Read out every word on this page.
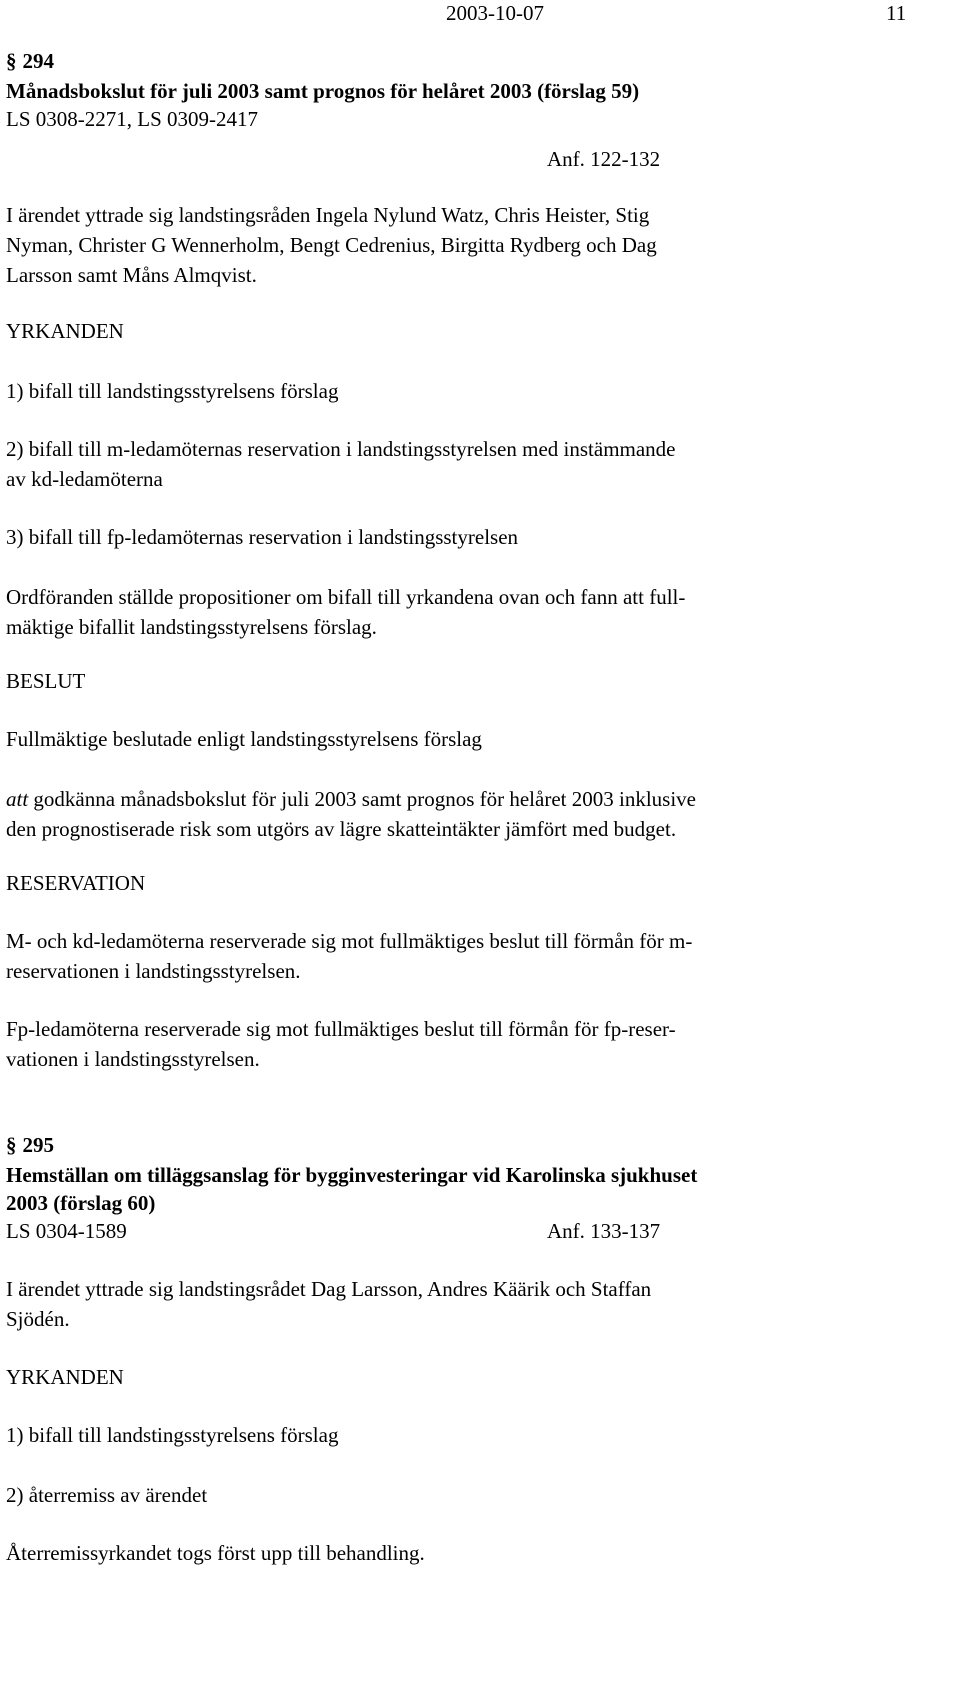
2003-10-07	11
§ 294
Månadsbokslut för juli 2003 samt prognos för helåret 2003 (förslag 59)
LS 0308-2271, LS 0309-2417
Anf. 122-132
I ärendet yttrade sig landstingsråden Ingela Nylund Watz, Chris Heister, Stig
Nyman, Christer G Wennerholm, Bengt Cedrenius, Birgitta Rydberg och Dag
Larsson samt Måns Almqvist.
YRKANDEN
1) bifall till landstingsstyrelsens förslag
2) bifall till m-ledamöternas reservation i landstingsstyrelsen med instämmande
av kd-ledamöterna
3) bifall till fp-ledamöternas reservation i landstingsstyrelsen
Ordföranden ställde propositioner om bifall till yrkandena ovan och fann att full-
mäktige bifallit landstingsstyrelsens förslag.
BESLUT
Fullmäktige beslutade enligt landstingsstyrelsens förslag
att godkänna månadsbokslut för juli 2003 samt prognos för helåret 2003 inklusive
den prognostiserade risk som utgörs av lägre skatteintäkter jämfört med budget.
RESERVATION
M- och kd-ledamöterna reserverade sig mot fullmäktiges beslut till förmån för m-
reservationen i landstingsstyrelsen.
Fp-ledamöterna reserverade sig mot fullmäktiges beslut till förmån för fp-reser-
vationen i landstingsstyrelsen.
§ 295
Hemställan om tilläggsanslag för bygginvesteringar vid Karolinska sjukhuset
2003 (förslag 60)
LS 0304-1589	Anf. 133-137
I ärendet yttrade sig landstingsrådet Dag Larsson, Andres Käärik och Staffan
Sjödén.
YRKANDEN
1) bifall till landstingsstyrelsens förslag
2) återremiss av ärendet
Återremissyrkandet togs först upp till behandling.
